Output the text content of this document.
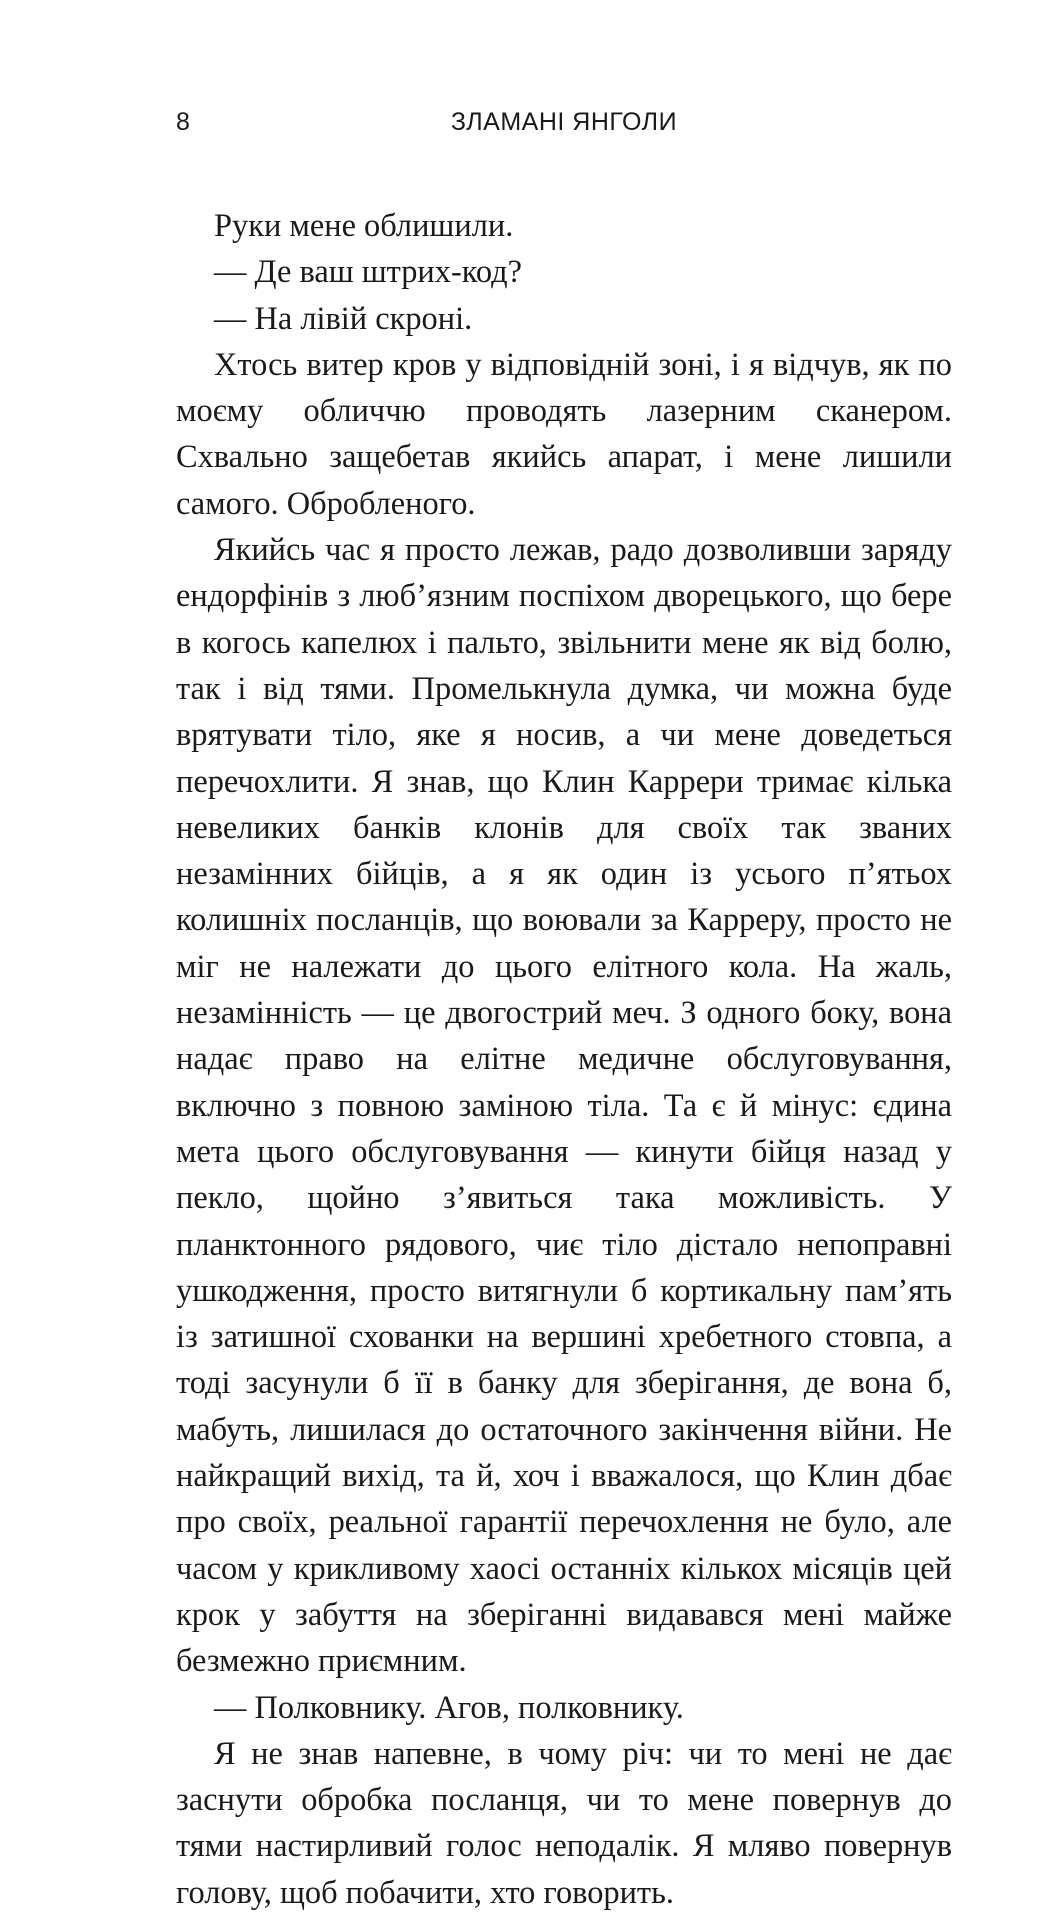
8	ЗЛАМАНІ ЯНГОЛИ

Руки мене облишили.

— Де ваш штрих-код?

— На лівій скроні.

Хтось витер кров у відповідній зоні, і я відчув, як по моєму обличчю проводять лазерним сканером. Схвально защебетав якийсь апарат, і мене лишили самого. Обробленого.

Якийсь час я просто лежав, радо дозволивши заряду ендорфінів з люб’язним поспіхом дворецького, що бере в когось капелюх і пальто, звільнити мене як від болю, так і від тями. Промелькнула думка, чи можна буде врятувати тіло, яке я носив, а чи мене доведеться перечохлити. Я знав, що Клин Каррери тримає кілька невеликих банків клонів для своїх так званих незамінних бійців, а я як один із усього п’ятьох колишніх посланців, що воювали за Каррeру, просто не міг не належати до цього елітного кола. На жаль, незамінність — це двогострий меч. З одного боку, вона надає право на елітне медичне обслуговування, включно з повною заміною тіла. Та є й мінус: єдина мета цього обслуговування — кинути бійця назад у пекло, щойно з’явиться така можливість. У планктонного рядового, чиє тіло дістало непоправні ушкодження, просто витягнули б кортикальну пам’ять із затишної схованки на вершині хребетного стовпа, а тоді засунули б її в банку для зберігання, де вона б, мабуть, лишилася до остаточного закінчення війни. Не найкращий вихід, та й, хоч і вважалося, що Клин дбає про своїх, реальної гарантії перечохлення не було, але часом у крикливому хаосі останніх кількох місяців цей крок у забуття на зберіганні видавався мені майже безмежно приємним.

— Полковнику. Агов, полковнику.

Я не знав напевне, в чому річ: чи то мені не дає заснути обробка посланця, чи то мене повернув до тями настирливий голос неподалік. Я мляво повернув голову, щоб побачити, хто говорить.
